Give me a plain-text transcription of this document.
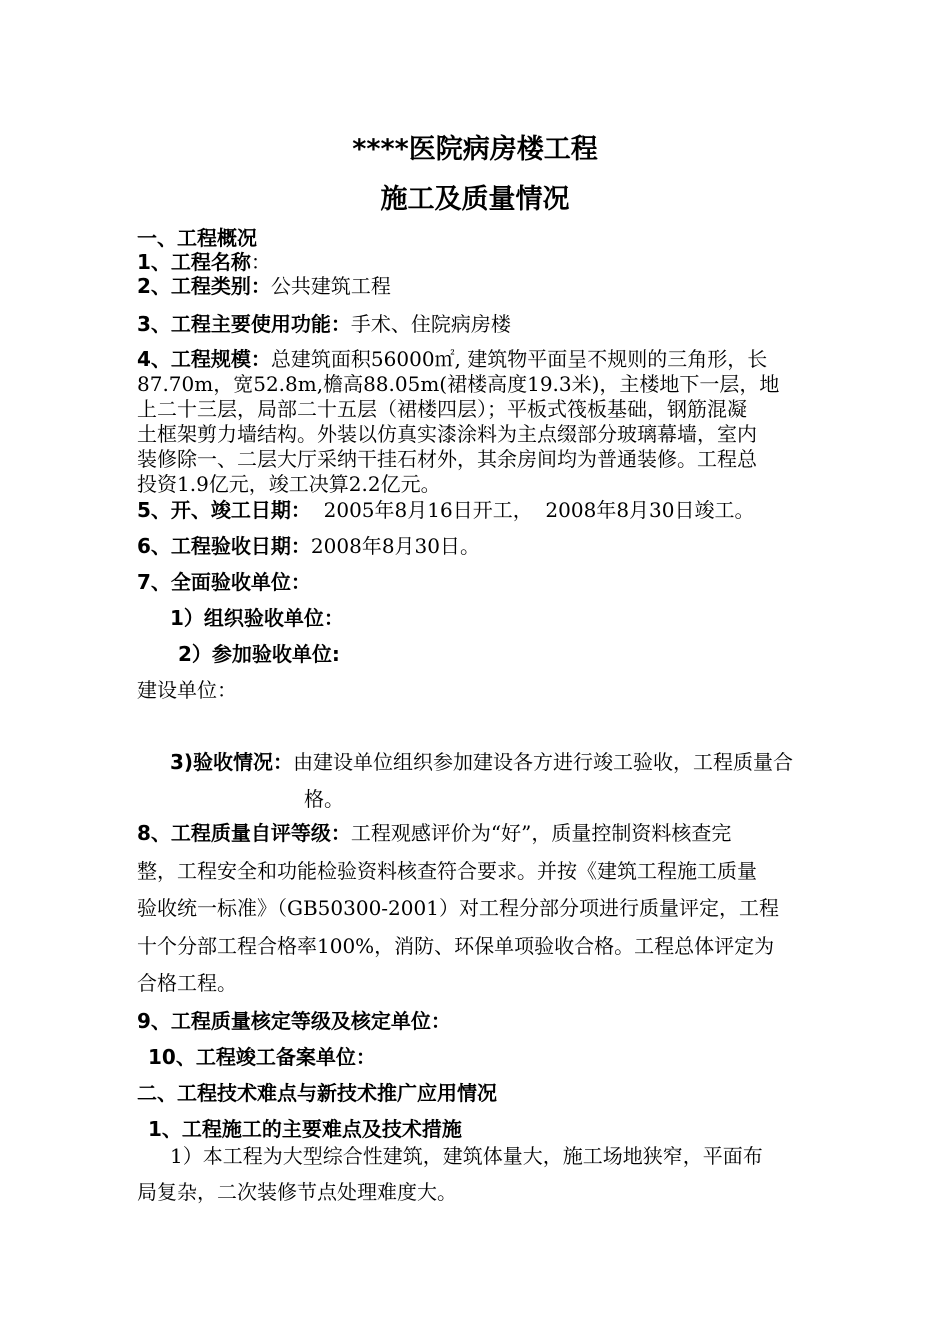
****医院病房楼工程
施工及质量情况
一、工程概况
1、工程名称：
2、工程类别：公共建筑工程
3、工程主要使用功能：手术、住院病房楼
4、工程规模：总建筑面积56000㎡, 建筑物平面呈不规则的三角形，长
87.70m，宽52.8m,檐高88.05m(裙楼高度19.3米)，主楼地下一层，地
上二十三层，局部二十五层（裙楼四层）；平板式筏板基础，钢筋混凝
土框架剪力墙结构。外装以仿真实漆涂料为主点缀部分玻璃幕墙，室内
装修除一、二层大厅采纳干挂石材外，其余房间均为普通装修。工程总
投资1.9亿元，竣工决算2.2亿元。
5、开、竣工日期：  2005年8月16日开工，  2008年8月30日竣工。
6、工程验收日期：2008年8月30日。
7、全面验收单位：
1）组织验收单位：
2）参加验收单位:
建设单位：
3)验收情况：由建设单位组织参加建设各方进行竣工验收，工程质量合
格。
8、工程质量自评等级：工程观感评价为“好”，质量控制资料核查完
整，工程安全和功能检验资料核查符合要求。并按《建筑工程施工质量
验收统一标准》（GB50300-2001）对工程分部分项进行质量评定，工程
十个分部工程合格率100%，消防、环保单项验收合格。工程总体评定为
合格工程。
9、工程质量核定等级及核定单位：
10、工程竣工备案单位：
二、工程技术难点与新技术推广应用情况
1、工程施工的主要难点及技术措施
1）本工程为大型综合性建筑，建筑体量大，施工场地狭窄，平面布
局复杂，二次装修节点处理难度大。
